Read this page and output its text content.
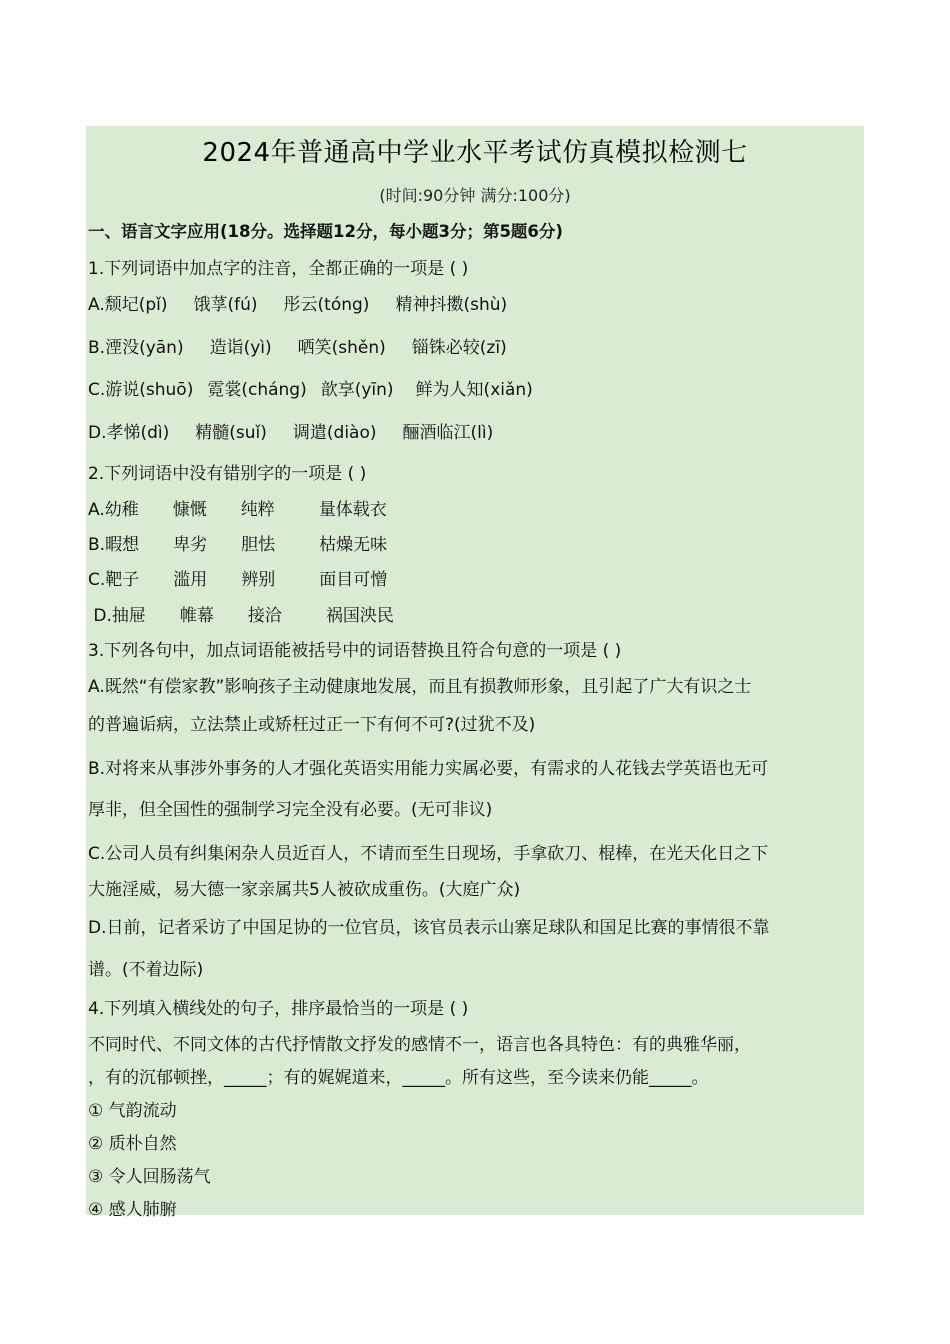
2024年普通高中学业水平考试仿真模拟检测七
(时间:90分钟 满分:100分)
一、语言文字应用(18分。选择题12分，每小题3分；第5题6分)
1.下列词语中加点字的注音，全都正确的一项是 ( )
A.颓圮(pǐ) 饿莩(fú) 彤云(tóng) 精神抖擞(shù)
B.湮没(yān) 造诣(yì) 哂笑(shěn) 锱铢必较(zī)
C.游说(shuō) 霓裳(cháng) 歆享(yīn) 鲜为人知(xiǎn)
D.孝悌(dì) 精髓(suǐ) 调遣(diào) 酾酒临江(lì)
2.下列词语中没有错别字的一项是 ( )
A.幼稚 慷慨 纯粹	量体载衣
B.暇想 卑劣 胆怯	枯燥无味
C.靶子 滥用 辨别	面目可憎
D.抽屉 帷幕 接洽	祸国泱民
3.下列各句中，加点词语能被括号中的词语替换且符合句意的一项是 ( )
A.既然“有偿家教”影响孩子主动健康地发展，而且有损教师形象，且引起了广大有识之士
的普遍诟病，立法禁止或矫枉过正一下有何不可?(过犹不及)
B.对将来从事涉外事务的人才强化英语实用能力实属必要，有需求的人花钱去学英语也无可
厚非，但全国性的强制学习完全没有必要。(无可非议)
C.公司人员有纠集闲杂人员近百人，不请而至生日现场，手拿砍刀、棍棒，在光天化日之下
大施淫威，易大德一家亲属共5人被砍成重伤。(大庭广众)
D.日前，记者采访了中国足协的一位官员，该官员表示山寨足球队和国足比赛的事情很不靠
谱。(不着边际)
4.下列填入横线处的句子，排序最恰当的一项是 ( )
不同时代、不同文体的古代抒情散文抒发的感情不一，语言也各具特色：有的典雅华丽，
，有的沉郁顿挫，_____；有的娓娓道来，_____。所有这些，至今读来仍能_____。
① 气韵流动
② 质朴自然
③ 令人回肠荡气
④ 感人肺腑
